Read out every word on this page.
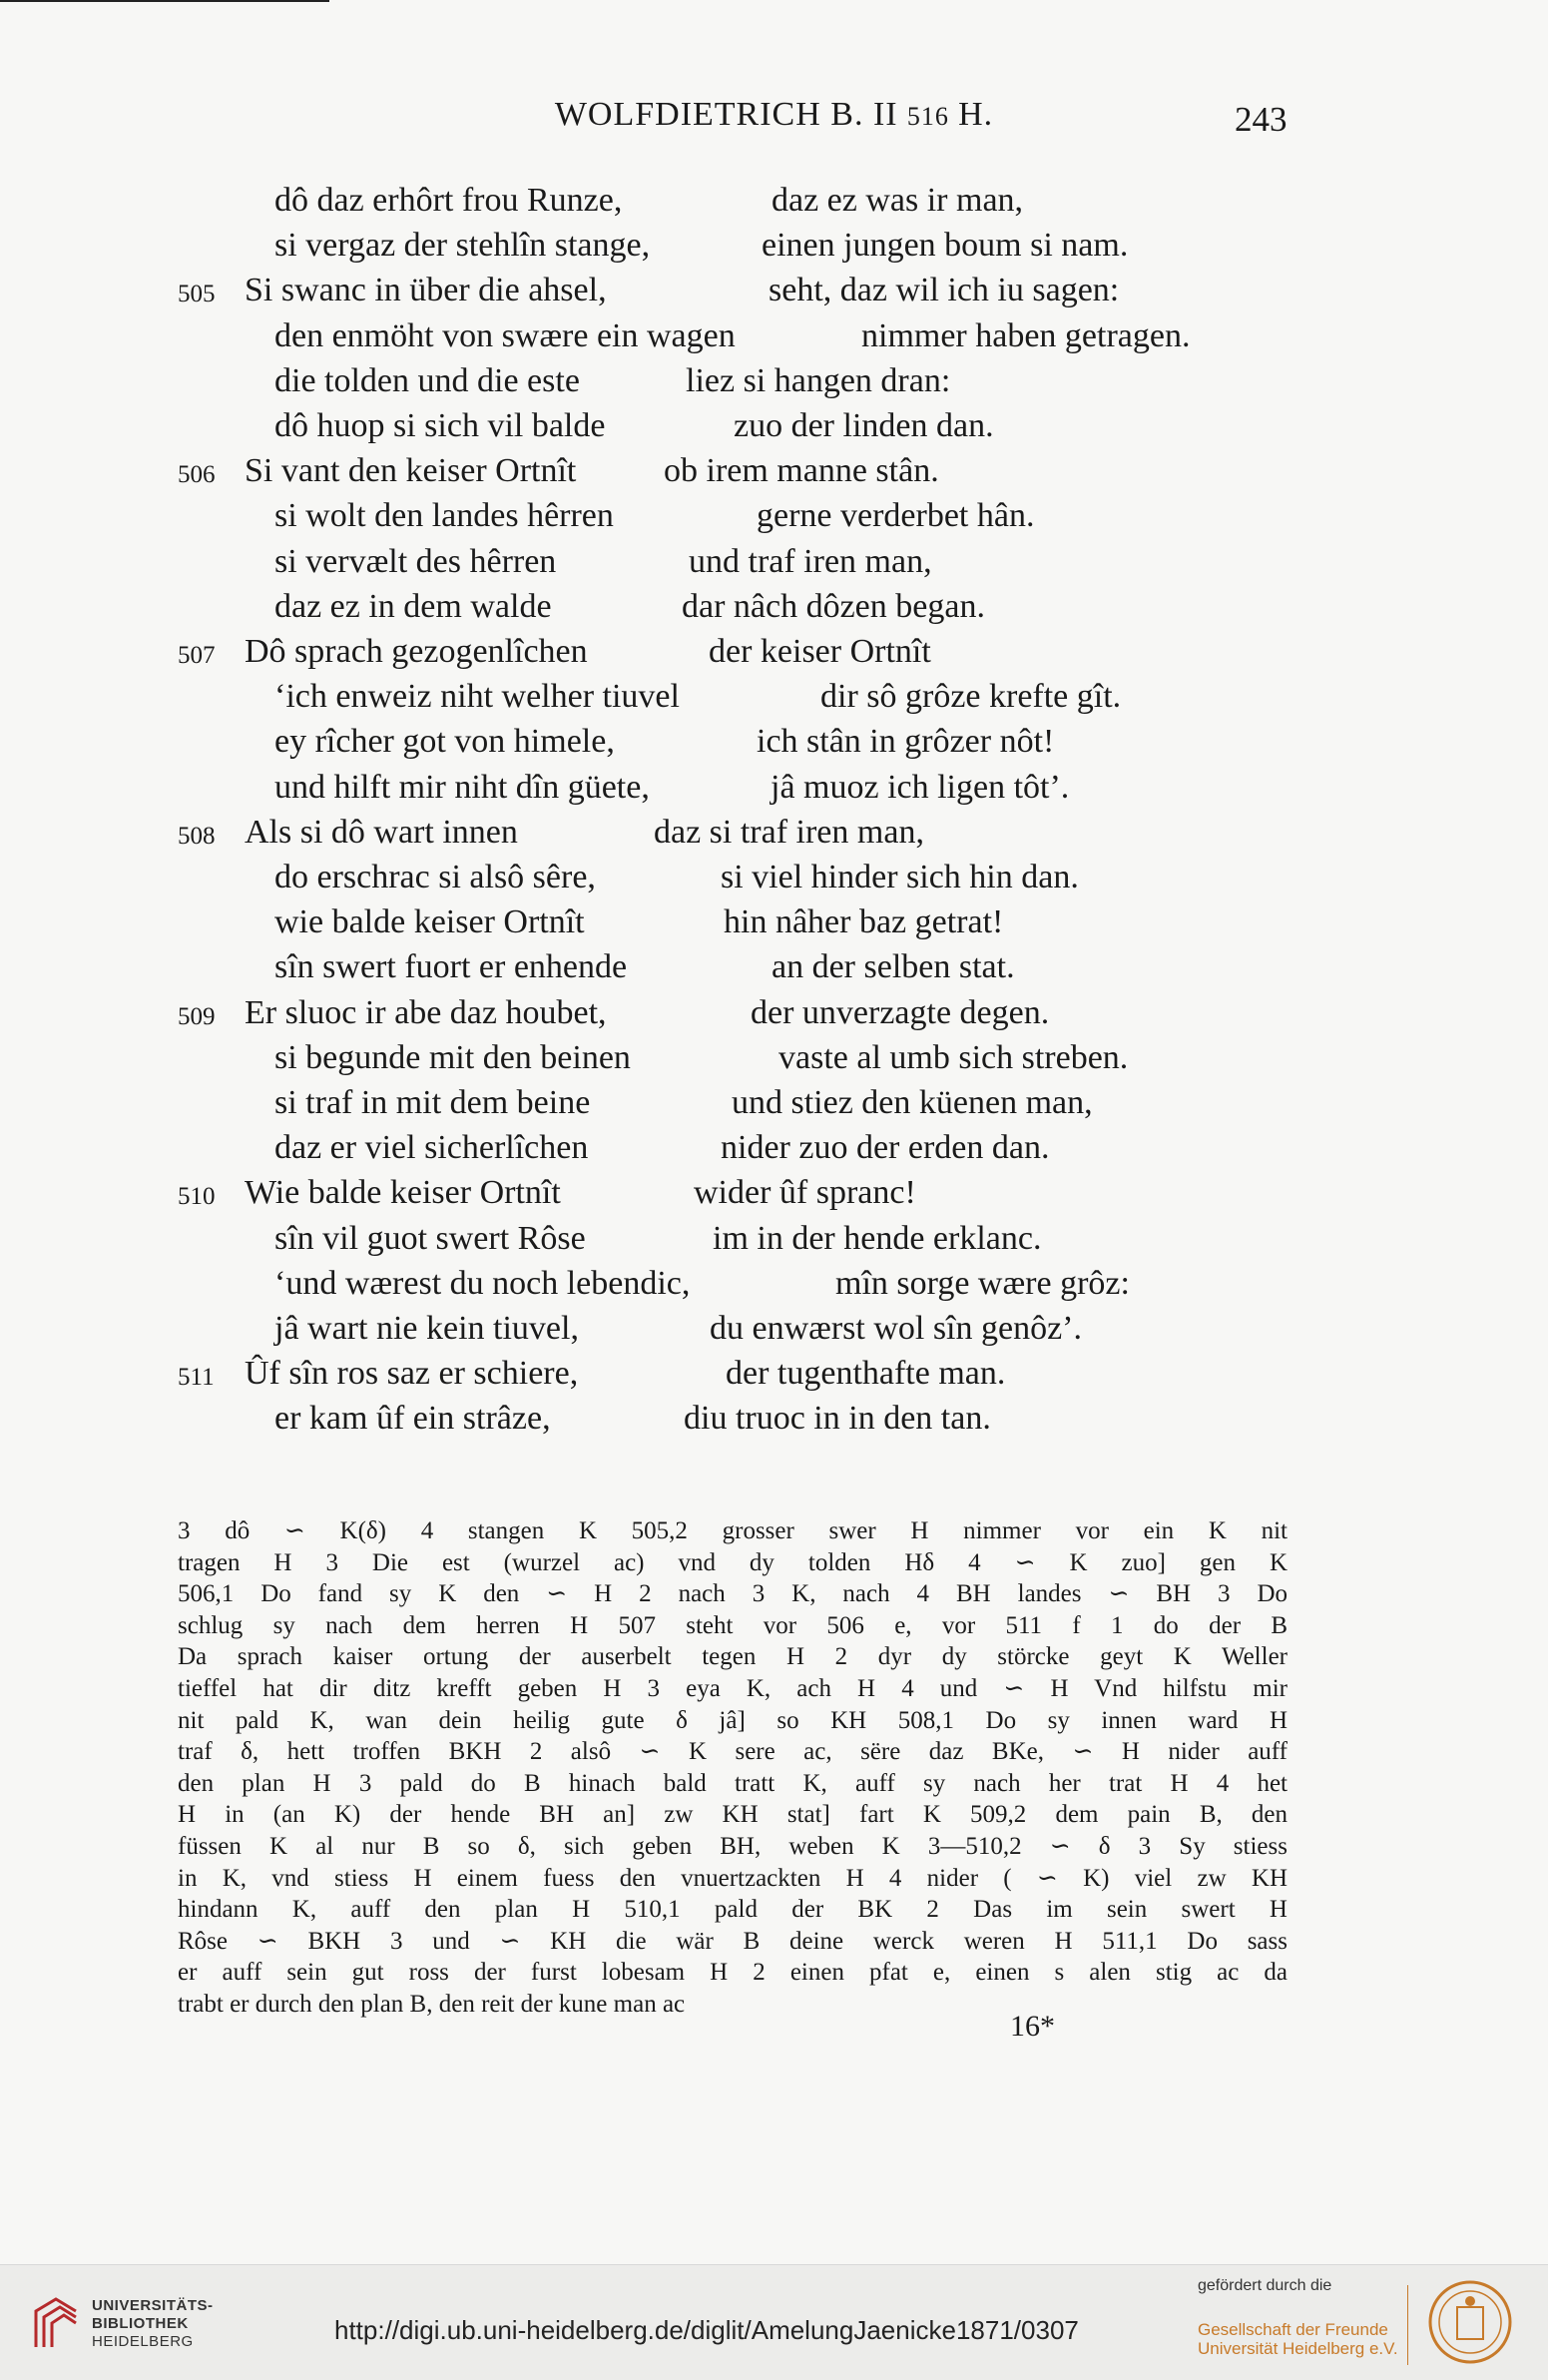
WOLFDIETRICH B. II 516 H.	243
dô daz erhôrt frou Runze,	daz ez was ir man,
si vergaz der stehlîn stange,	einen jungen boum si nam.
505 Si swanc in über die ahsel,	seht, daz wil ich iu sagen:
den enmöht von swære ein wagen	nimmer haben getragen.
die tolden und die este	liez si hangen dran:
dô huop si sich vil balde	zuo der linden dan.
506 Si vant den keiser Ortnît	ob irem manne stân.
si wolt den landes hêrren	gerne verderbet hân.
si vervælt des hêrren	und traf iren man,
daz ez in dem walde	dar nâch dôzen began.
507 Dô sprach gezogenlîchen	der keiser Ortnît
‘ich enweiz niht welher tiuvel	dir sô grôze krefte gît.
ey rîcher got von himele,	ich stân in grôzer nôt!
und hilft mir niht dîn güete,	jâ muoz ich ligen tôt’.
508 Als si dô wart innen	daz si traf iren man,
do erschrac si alsô sêre,	si viel hinder sich hin dan.
wie balde keiser Ortnît	hin nâher baz getrat!
sîn swert fuort er enhende	an der selben stat.
509 Er sluoc ir abe daz houbet,	der unverzagte degen.
si begunde mit den beinen	vaste al umb sich streben.
si traf in mit dem beine	und stiez den küenen man,
daz er viel sicherlîchen	nider zuo der erden dan.
510 Wie balde keiser Ortnît	wider ûf spranc!
sîn vil guot swert Rôse	im in der hende erklanc.
‘und wærest du noch lebendic,	mîn sorge wære grôz:
jâ wart nie kein tiuvel,	du enwærst wol sîn genôz’.
511 Ûf sîn ros saz er schiere,	der tugenthafte man.
er kam ûf ein strâze,	diu truoc in in den tan.
3 dô ∽ K(δ) 4 stangen K 505,2 grosser swer H nimmer vor ein K nit
tragen H 3 Die est (wurzel ac) vnd dy tolden Hδ 4 ∽ K zuo] gen K
506,1 Do fand sy K den ∽ H 2 nach 3 K, nach 4 BH landes ∽ BH 3 Do
schlug sy nach dem herren H 507 steht vor 506 e, vor 511 f 1 do der B
Da sprach kaiser ortung der auserbelt tegen H 2 dyr dy störcke geyt K Weller
tieffel hat dir ditz krefft geben H 3 eya K, ach H 4 und ∽ H Vnd hilfstu mir
nit pald K, wan dein heilig gute δ jâ] so KH 508,1 Do sy innen ward H
traf δ, hett troffen BKH 2 alsô ∽ K sere ac, sëre daz BKe, ∽ H nider auff
den plan H 3 pald do B hinach bald tratt K, auff sy nach her trat H 4 het
H in (an K) der hende BH an] zw KH stat] fart K 509,2 dem pain B, den
füssen K al nur B so δ, sich geben BH, weben K 3—510,2 ∽ δ 3 Sy stiess
in K, vnd stiess H einem fuess den vnuertzackten H 4 nider ( ∽ K) viel zw KH
hindann K, auff den plan H 510,1 pald der BK 2 Das im sein swert H
Rôse ∽ BKH 3 und ∽ KH die wär B deine werck weren H 511,1 Do sass
er auff sein gut ross der furst lobesam H 2 einen pfat e, einen s alen stig ac da
trabt er durch den plan B, den reit der kune man ac
16*
UNIVERSITÄTS-
BIBLIOTHEK
HEIDELBERG	http://digi.ub.uni-heidelberg.de/diglit/AmelungJaenicke1871/0307
gefördert durch die
Gesellschaft der Freunde
Universität Heidelberg e.V.
